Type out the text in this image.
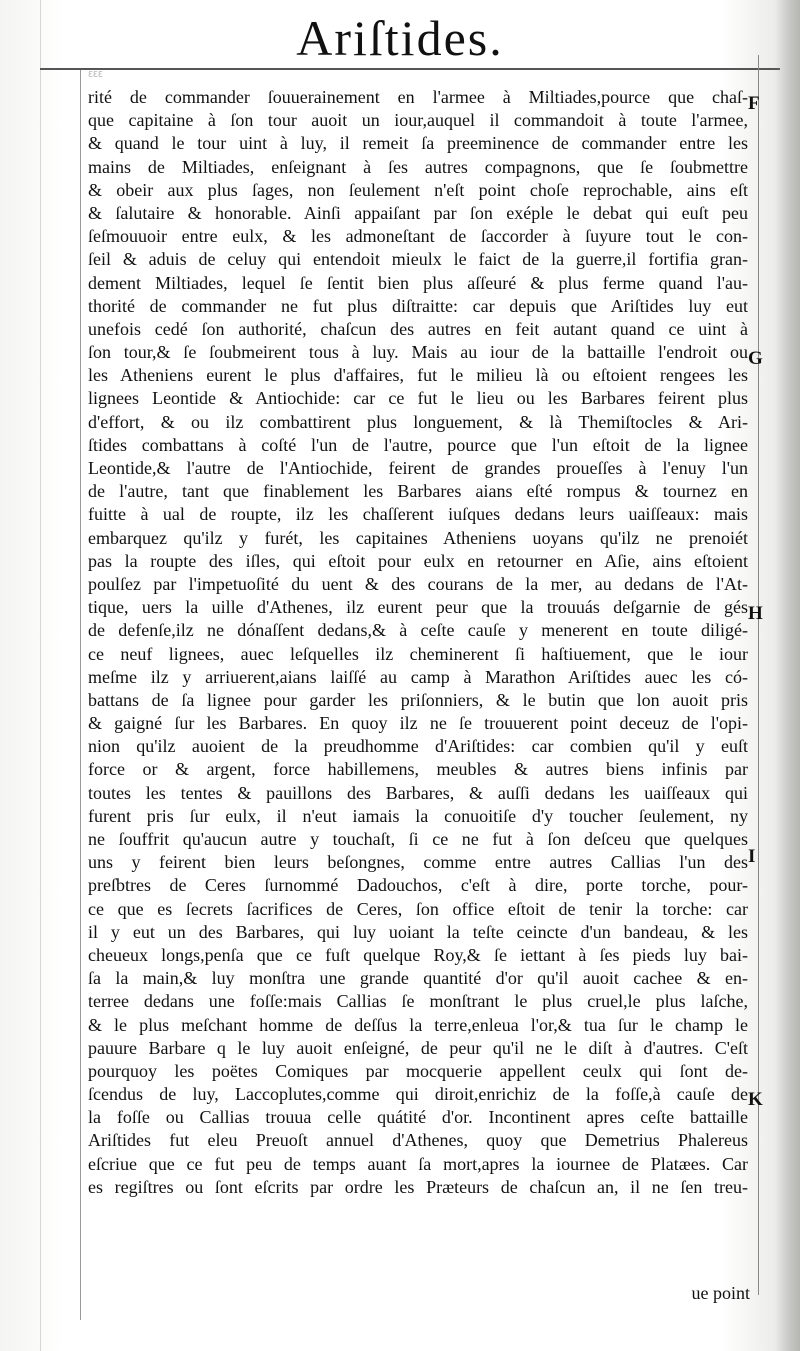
Ariſtides.
ƐƐƐ
rité de commander ſouuerainement en l'armee à Miltiades,pource que chaſ-
que capitaine à ſon tour auoit un iour,auquel il commandoit à toute l'armee,
& quand le tour uint à luy, il remeit ſa preeminence de commander entre les
mains de Miltiades, enſeignant à ſes autres compagnons, que ſe ſoubmettre
& obeir aux plus ſages, non ſeulement n'eſt point choſe reprochable, ains eſt
& ſalutaire & honorable. Ainſi appaiſant par ſon exéple le debat qui euſt peu
ſeſmouuoir entre eulx, & les admoneſtant de ſaccorder à ſuyure tout le con-
ſeil & aduis de celuy qui entendoit mieulx le faict de la guerre,il fortifia gran-
dement Miltiades, lequel ſe ſentit bien plus aſſeuré & plus ferme quand l'au-
thorité de commander ne fut plus diſtraitte: car depuis que Ariſtides luy eut
unefois cedé ſon authorité, chaſcun des autres en feit autant quand ce uint à
ſon tour,& ſe ſoubmeirent tous à luy. Mais au iour de la battaille l'endroit ou
les Atheniens eurent le plus d'affaires, fut le milieu là ou eſtoient rengees les
lignees Leontide & Antiochide: car ce fut le lieu ou les Barbares feirent plus
d'effort, & ou ilz combattirent plus longuement, & là Themiſtocles & Ari-
ſtides combattans à coſté l'un de l'autre, pource que l'un eſtoit de la lignee
Leontide,& l'autre de l'Antiochide, feirent de grandes proueſſes à l'enuy l'un
de l'autre, tant que finablement les Barbares aians eſté rompus & tournez en
fuitte à ual de roupte, ilz les chaſſerent iuſques dedans leurs uaiſſeaux: mais
embarquez qu'ilz y furét, les capitaines Atheniens uoyans qu'ilz ne prenoiét
pas la roupte des iſles, qui eſtoit pour eulx en retourner en Aſie, ains eſtoient
poulſez par l'impetuoſité du uent & des courans de la mer, au dedans de l'At-
tique, uers la uille d'Athenes, ilz eurent peur que la trouuás deſgarnie de gés
de defenſe,ilz ne dónaſſent dedans,& à ceſte cauſe y menerent en toute diligé-
ce neuf lignees, auec leſquelles ilz cheminerent ſi haſtiuement, que le iour
meſme ilz y arriuerent,aians laiſſé au camp à Marathon Ariſtides auec les có-
battans de ſa lignee pour garder les priſonniers, & le butin que lon auoit pris
& gaigné ſur les Barbares. En quoy ilz ne ſe trouuerent point deceuz de l'opi-
nion qu'ilz auoient de la preudhomme d'Ariſtides: car combien qu'il y euſt
force or & argent, force habillemens, meubles & autres biens infinis par
toutes les tentes & pauillons des Barbares, & auſſi dedans les uaiſſeaux qui
furent pris ſur eulx, il n'eut iamais la conuoitiſe d'y toucher ſeulement, ny
ne ſouffrit qu'aucun autre y touchaſt, ſi ce ne fut à ſon deſceu que quelques
uns y feirent bien leurs beſongnes, comme entre autres Callias l'un des
preſbtres de Ceres ſurnommé Dadouchos, c'eſt à dire, porte torche, pour-
ce que es ſecrets ſacrifices de Ceres, ſon office eſtoit de tenir la torche: car
il y eut un des Barbares, qui luy uoiant la teſte ceincte d'un bandeau, & les
cheueux longs,penſa que ce fuſt quelque Roy,& ſe iettant à ſes pieds luy bai-
ſa la main,& luy monſtra une grande quantité d'or qu'il auoit cachee & en-
terree dedans une foſſe:mais Callias ſe monſtrant le plus cruel,le plus laſche,
& le plus meſchant homme de deſſus la terre,enleua l'or,& tua ſur le champ le
pauure Barbare q le luy auoit enſeigné, de peur qu'il ne le diſt à d'autres. C'eſt
pourquoy les poëtes Comiques par mocquerie appellent ceulx qui ſont de-
ſcendus de luy, Laccoplutes,comme qui diroit,enrichiz de la foſſe,à cauſe de
la foſſe ou Callias trouua celle quátité d'or. Incontinent apres ceſte battaille
Ariſtides fut eleu Preuoſt annuel d'Athenes, quoy que Demetrius Phalereus
eſcriue que ce fut peu de temps auant ſa mort,apres la iournee de Platæes. Car
es regiſtres ou ſont eſcrits par ordre les Præteurs de chaſcun an, il ne ſen treu-
F
G
H
I
K
ue point
